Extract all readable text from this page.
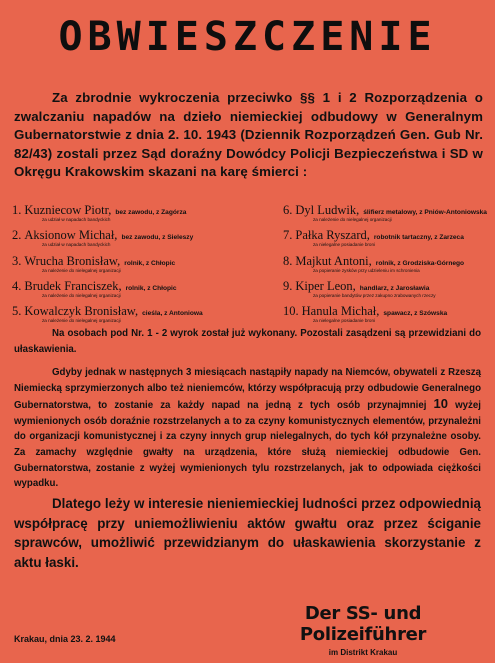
OBWIESZCZENIE
Za zbrodnie wykroczenia przeciwko §§ 1 i 2 Rozporządzenia o zwalczaniu napadów na dzieło niemieckiej odbudowy w Generalnym Gubernatorstwie z dnia 2. 10. 1943 (Dziennik Rozporządzeń Gen. Gub Nr. 82/43) zostali przez Sąd doraźny Dowódcy Policji Bezpieczeństwa i SD w Okręgu Krakowskim skazani na karę śmierci :
1. Kuzniecow Piotr, bez zawodu, z Zagórza
za udział w napadach bandyckich
2. Aksionow Michał, bez zawodu, z Sieleszy
za udział w napadach bandyckich
3. Wrucha Bronisław, rolnik, z Chłopic
za należenie do nielegalnej organizacji
4. Brudek Franciszek, rolnik, z Chłopic
za należenie do nielegalnej organizacji
5. Kowalczyk Bronisław, cieśla, z Antoniowa
za należenie do nielegalnej organizacji
6. Dyl Ludwik, ślifierz metalowy, z Pniów-Antoniowska
za należenie do nielegalnej organizacji
7. Pałka Ryszard, robotnik tartaczny, z Zarzeca
za nielegalne posiadanie broni
8. Majkut Antoni, rolnik, z Grodziska-Górnego
za popieranie zysków przy udzieleniu im schronienia
9. Kiper Leon, handlarz, z Jarosławia
za popieranie bandytów przez zakupno zrabowanych rzeczy
10. Hanula Michał, spawacz, z Szówska
za nielegalne posiadanie broni
Na osobach pod Nr. 1 - 2 wyrok został już wykonany. Pozostali zasądzeni są przewidziani do ułaskawienia.
Gdyby jednak w następnych 3 miesiącach nastąpiły napady na Niemców, obywateli z Rzeszą Niemiecką sprzymierzonych albo też nieniemców, którzy współpracują przy odbudowie Generalnego Gubernatorstwa, to zostanie za każdy napad na jedną z tych osób przynajmniej 10 wyżej wymienionych osób doraźnie rozstrzelanych a to za czyny komunistycznych elementów, przynależni do organizacji komunistycznej i za czyny innych grup nielegalnych, do tych kół przynależne osoby. Za zamachy względnie gwałty na urządzenia, które służą niemieckiej odbudowie Gen. Gubernatorstwa, zostanie z wyżej wymienionych tylu rozstrzelanych, jak to odpowiada ciężkości wypadku.
Dlatego leży w interesie nieniemieckiej ludności przez odpowiednią współpracę przy uniemożliwieniu aktów gwałtu oraz przez ściganie sprawców, umożliwić przewidzianym do ułaskawienia skorzystanie z aktu łaski.
Krakau, dnia 23. 2. 1944
Der SS- und Polizeiführer
im Distrikt Krakau
